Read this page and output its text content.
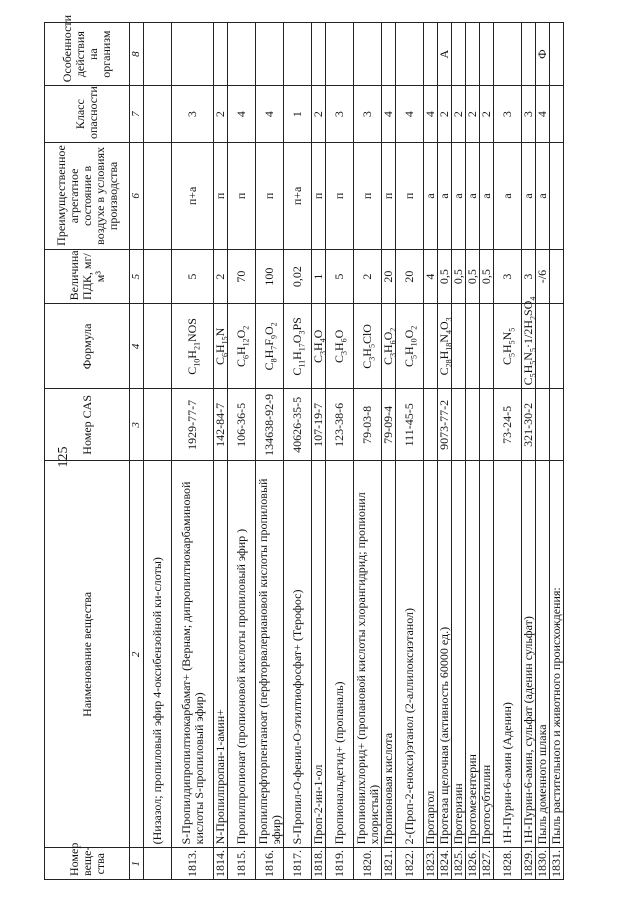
125
Номер веще-ства	Наименование вещества	Номер CAS	Формула	Величина ПДК, мг/м³	Преимущественное агрегатное состояние в воздухе в условиях производства	Класс опасности	Особенности действия на организм
1	2	3	4	5	6	7	8
	(Низазол; пропиловый эфир 4-оксибензойной ки-слоты)						
1813.	S-Пропилдипропилтиокарбамат+ (Вернам; дипропилтиокарбаминовой кислоты S-пропиловый эфир)	1929-77-7	$C_{10}H_{21}NOS$	5	п+а	3	
1814.	N-Пропилпропан-1-амин+	142-84-7	$C_6H_{15}N$	2	п	2	
1815.	Пропилпропионат (пропионовой кислоты пропиловый эфир )	106-36-5	$C_6H_{12}O_2$	70	п	4	
1816.	Пропилперфторпентаноат (перфторвалериановой кислоты пропиловый эфир)	134638-92-9	$C_8H_7F_9O_2$	100	п	4	
1817.	S-Пропил-О-фенил-О-этилтиофосфат+ (Терофос)	40626-35-5	$C_{11}H_{17}O_3PS$	0,02	п+а	1	
1818.	Проп-2-ин-1-ол	107-19-7	$C_3H_4O$	1	п	2	
1819.	Пропиональдегид+ (пропаналь)	123-38-6	$C_3H_6O$	5	п	3	
1820.	Пропионилхлорид+ (пропановой кислоты хлорангидрид; пропионил хлористый)	79-03-8	$C_3H_5ClO$	2	п	3	
1821.	Пропионовая кислота	79-09-4	$C_3H_6O_2$	20	п	4	
1822.	2-(Проп-2-енокси)этанол (2-аллилоксиэтанол)	111-45-5	$C_5H_{10}O_2$	20	п	4	
1823.	Протаргол			4	а	4	
1824.	Протеаза щелочная (активность 60000 ед.)	9073-77-2	$C_{28}H_{18}N_4O_3$	0,5	а	2	А
1825.	Протеризин			0,5	а	2	
1826.	Протомезентерин			0,5	а	2	
1827.	Протосубтилин			0,5	а	2	
1828.	1Н-Пурин-6-амин (Аденин)	73-24-5	$C_5H_5N_5$	3	а	3	
1829.	1Н-Пурин-6-амин, сульфат (аденин сульфат)	321-30-2	$C_5H_5N_5\cdot 1/2H_2SO_4$	3	а	3	
1830.	Пыль доменного шлака			-/6	а	4	Ф
1831.	Пыль растительного и животного происхождения:						
